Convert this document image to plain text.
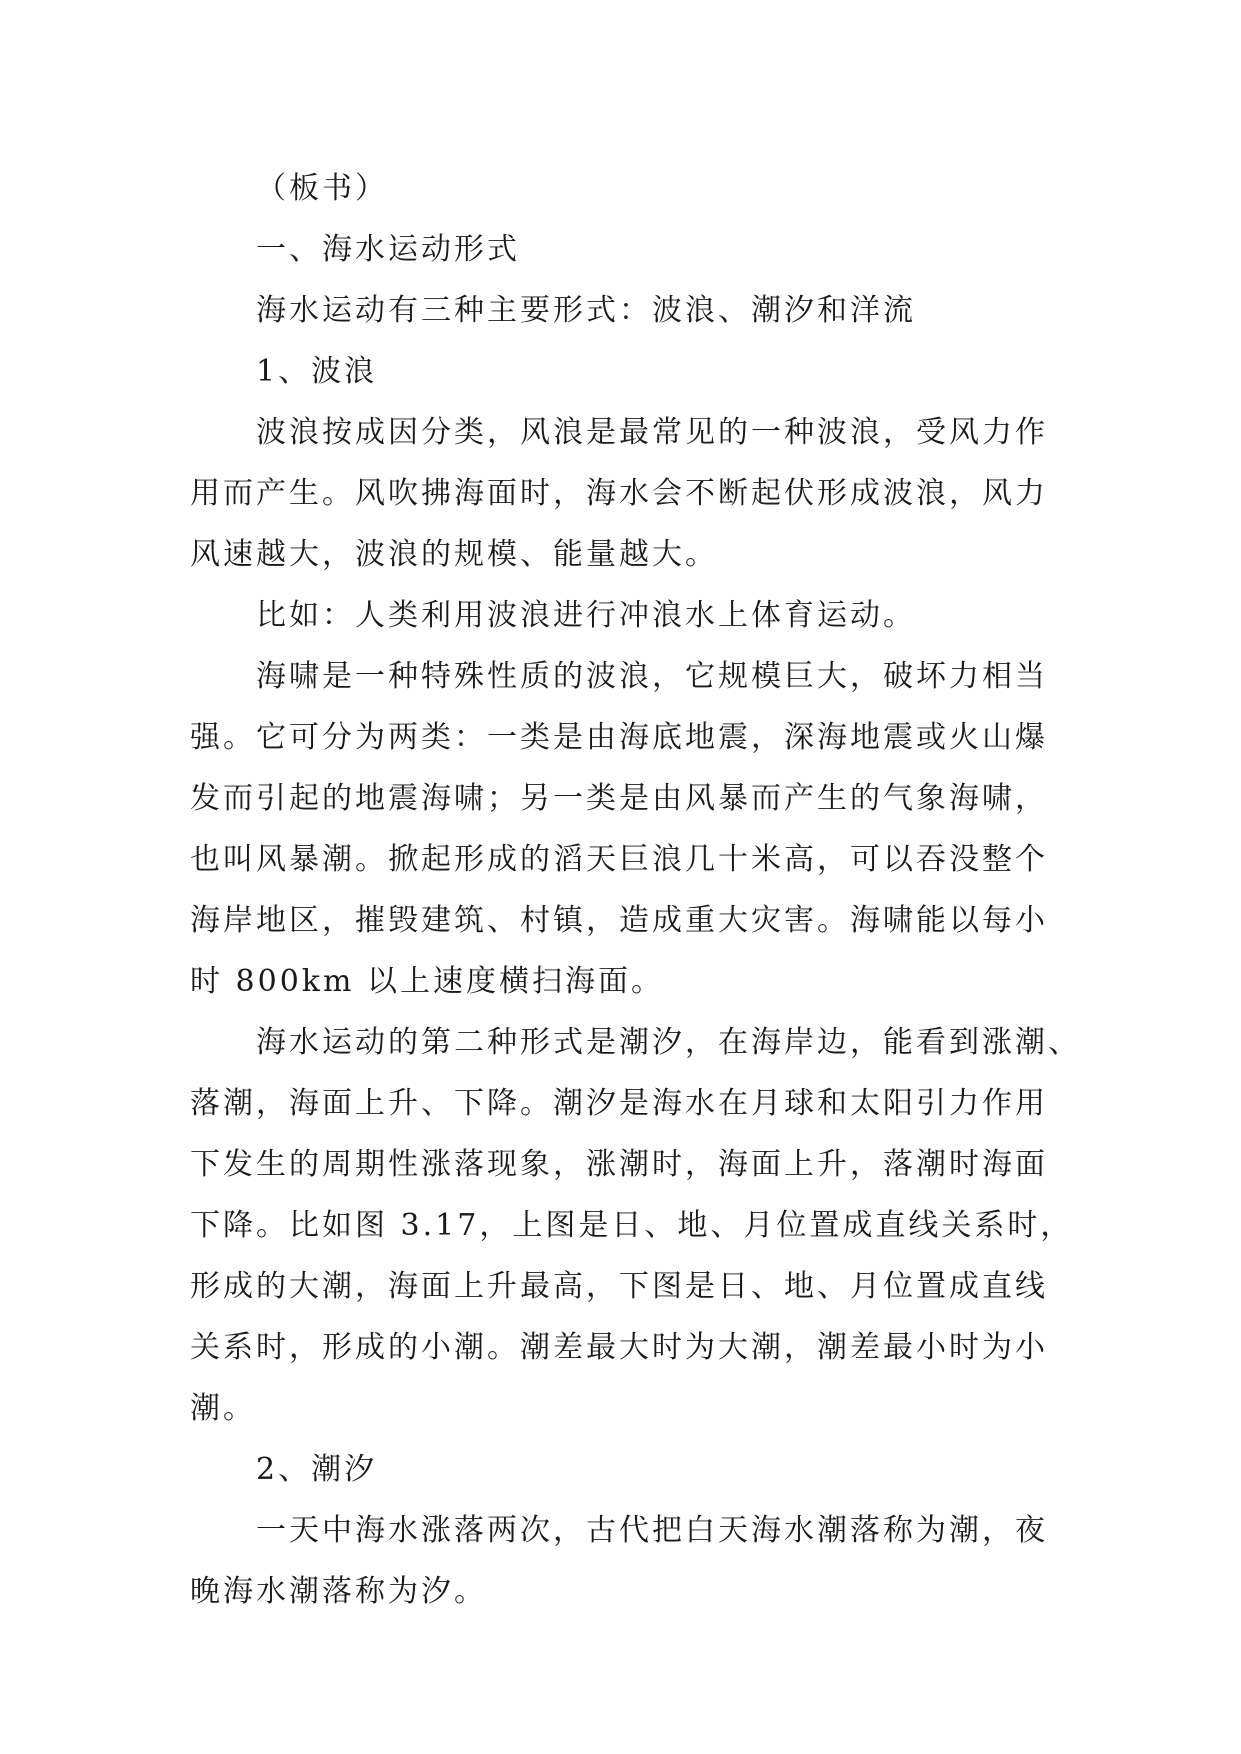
（板书）

一、海水运动形式

海水运动有三种主要形式：波浪、潮汐和洋流

1、波浪

波浪按成因分类，风浪是最常见的一种波浪，受风力作

用而产生。风吹拂海面时，海水会不断起伏形成波浪，风力

风速越大，波浪的规模、能量越大。

比如：人类利用波浪进行冲浪水上体育运动。

海啸是一种特殊性质的波浪，它规模巨大，破坏力相当

强。它可分为两类：一类是由海底地震，深海地震或火山爆

发而引起的地震海啸；另一类是由风暴而产生的气象海啸，

也叫风暴潮。掀起形成的滔天巨浪几十米高，可以吞没整个

海岸地区，摧毁建筑、村镇，造成重大灾害。海啸能以每小

时 800km 以上速度横扫海面。

海水运动的第二种形式是潮汐，在海岸边，能看到涨潮、

落潮，海面上升、下降。潮汐是海水在月球和太阳引力作用

下发生的周期性涨落现象，涨潮时，海面上升，落潮时海面

下降。比如图 3.17，上图是日、地、月位置成直线关系时，

形成的大潮，海面上升最高，下图是日、地、月位置成直线

关系时，形成的小潮。潮差最大时为大潮，潮差最小时为小

潮。

2、潮汐

一天中海水涨落两次，古代把白天海水潮落称为潮，夜

晚海水潮落称为汐。
